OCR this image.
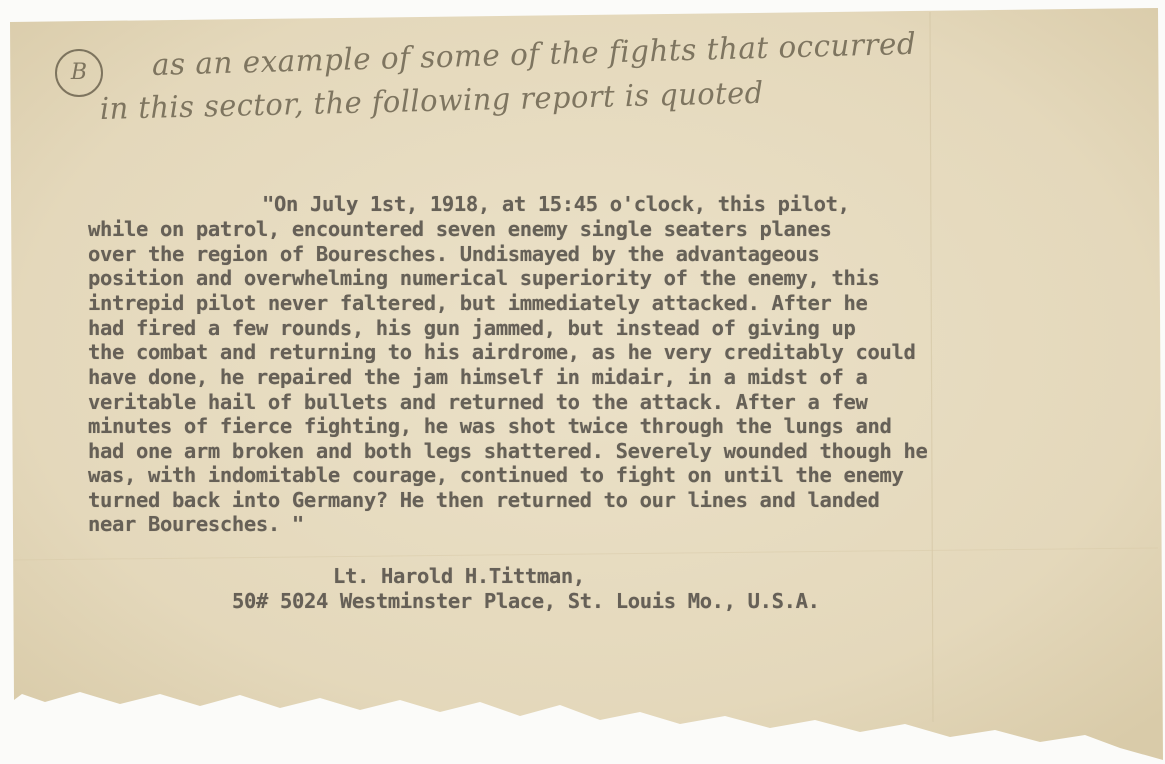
B	as an example of some of the fights that occurred
in this sector, the following report is quoted
"On July 1st, 1918, at 15:45 o'clock, this pilot,
while on patrol, encountered seven enemy single seaters planes
over the region of Bouresches. Undismayed by the advantageous
position and overwhelming numerical superiority of the enemy, this
intrepid pilot never faltered, but immediately attacked. After he
had fired a few rounds, his gun jammed, but instead of giving up
the combat and returning to his airdrome, as he very creditably could
have done, he repaired the jam himself in midair, in a midst of a
veritable hail of bullets and returned to the attack. After a few
minutes of fierce fighting, he was shot twice through the lungs and
had one arm broken and both legs shattered. Severely wounded though he
was, with indomitable courage, continued to fight on until the enemy
turned back into Germany? He then returned to our lines and landed
near Bouresches. "
Lt. Harold H.Tittman,
50# 5024 Westminster Place, St. Louis Mo., U.S.A.
